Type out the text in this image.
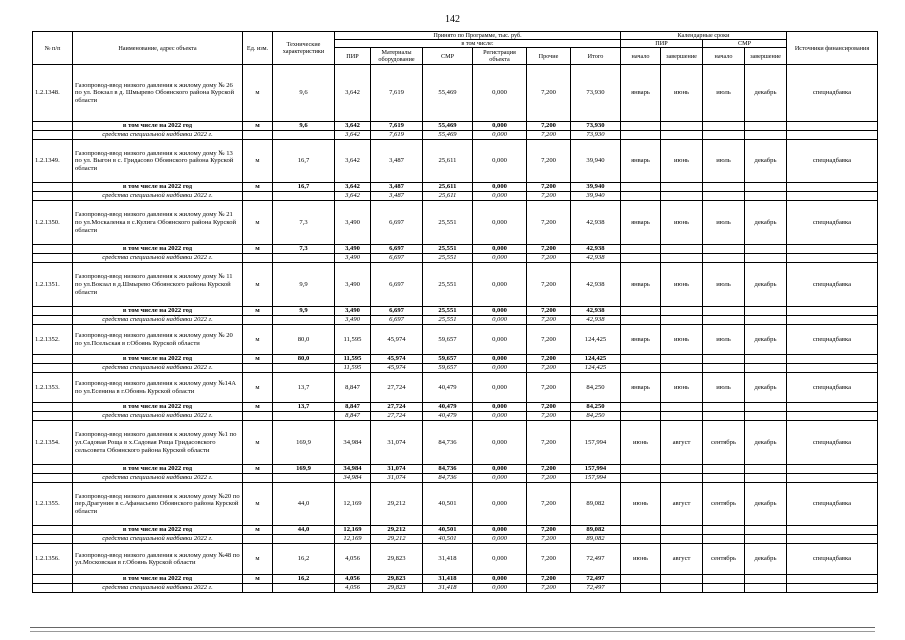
142
№ п/п	Наименование, адрес объекта	Ед. изм.	Технические характеристики	Принято по Программе, тыс. руб.						Календарные сроки				Источники финансирования
				в том числе:						ПИР		СМР		
				ПИР	Материалы оборудование	СМР	Регистрация объекта	Прочие	Итого	начало	завершение	начало	завершение	
1.2.1348.	Газопровод-ввод низкого давления к жилому дому № 26 по ул. Вокзал в д. Шмырево Обоянского района Курской области	м	9,6	3,642	7,619	55,469	0,000	7,200	73,930	январь	июнь	июль	декабрь	спецнадбавка
	в том числе на 2022 год	м	9,6	3,642	7,619	55,469	0,000	7,200	73,930					
	средства специальной надбавки 2022 г.			3,642	7,619	55,469	0,000	7,200	73,930					
1.2.1349.	Газопровод-ввод низкого давления к жилому дому № 13 по ул. Выгон в с. Гридасово Обоянского района Курской области	м	16,7	3,642	3,487	25,611	0,000	7,200	39,940	январь	июнь	июль	декабрь	спецнадбавка
	в том числе на 2022 год	м	16,7	3,642	3,487	25,611	0,000	7,200	39,940					
	средства специальной надбавки 2022 г.			3,642	3,487	25,611	0,000	7,200	39,940					
1.2.1350.	Газопровод-ввод низкого давления к жилому дому № 21 по ул.Москаленка в с.Кулига Обоянского района Курской области	м	7,3	3,490	6,697	25,551	0,000	7,200	42,938	январь	июнь	июль	декабрь	спецнадбавка
	в том числе на 2022 год	м	7,3	3,490	6,697	25,551	0,000	7,200	42,938					
	средства специальной надбавки 2022 г.			3,490	6,697	25,551	0,000	7,200	42,938					
1.2.1351.	Газопровод-ввод низкого давления к жилому дому № 11 по ул.Вокзал в д.Шмырево Обоянского района Курской области	м	9,9	3,490	6,697	25,551	0,000	7,200	42,938	январь	июнь	июль	декабрь	спецнадбавка
	в том числе на 2022 год	м	9,9	3,490	6,697	25,551	0,000	7,200	42,938					
	средства специальной надбавки 2022 г.			3,490	6,697	25,551	0,000	7,200	42,938					
1.2.1352.	Газопровод-ввод низкого давления к жилому дому № 20 по ул.Псельская в г.Обоянь Курской области	м	80,0	11,595	45,974	59,657	0,000	7,200	124,425	январь	июнь	июль	декабрь	спецнадбавка
	в том числе на 2022 год	м	80,0	11,595	45,974	59,657	0,000	7,200	124,425					
	средства специальной надбавки 2022 г.			11,595	45,974	59,657	0,000	7,200	124,425					
1.2.1353.	Газопровод-ввод низкого давления к жилому дому №14А по ул.Есенина в г.Обоянь Курской области	м	13,7	8,847	27,724	40,479	0,000	7,200	84,250	январь	июнь	июль	декабрь	спецнадбавка
	в том числе на 2022 год	м	13,7	8,847	27,724	40,479	0,000	7,200	84,250					
	средства специальной надбавки 2022 г.			8,847	27,724	40,479	0,000	7,200	84,250					
1.2.1354.	Газопровод-ввод низкого давления к жилому дому №1 по ул.Садовая Роща в х.Садовая Роща Гридасовского сельсовета Обоянского района Курской области	м	169,9	34,984	31,074	84,736	0,000	7,200	157,994	июнь	август	сентябрь	декабрь	спецнадбавка
	в том числе на 2022 год	м	169,9	34,984	31,074	84,736	0,000	7,200	157,994					
	средства специальной надбавки 2022 г.			34,984	31,074	84,736	0,000	7,200	157,994					
1.2.1355.	Газопровод-ввод низкого давления к жилому дому №20 по пер.Драгунин в с.Афанасьево Обоянского района Курской области	м	44,0	12,169	29,212	40,501	0,000	7,200	89,082	июнь	август	сентябрь	декабрь	спецнадбавка
	в том числе на 2022 год	м	44,0	12,169	29,212	40,501	0,000	7,200	89,082					
	средства специальной надбавки 2022 г.			12,169	29,212	40,501	0,000	7,200	89,082					
1.2.1356.	Газопровод-ввод низкого давления к жилому дому №48 по ул.Московская в г.Обоянь Курской области	м	16,2	4,056	29,823	31,418	0,000	7,200	72,497	июнь	август	сентябрь	декабрь	спецнадбавка
	в том числе на 2022 год	м	16,2	4,056	29,823	31,418	0,000	7,200	72,497					
	средства специальной надбавки 2022 г.			4,056	29,823	31,418	0,000	7,200	72,497					
